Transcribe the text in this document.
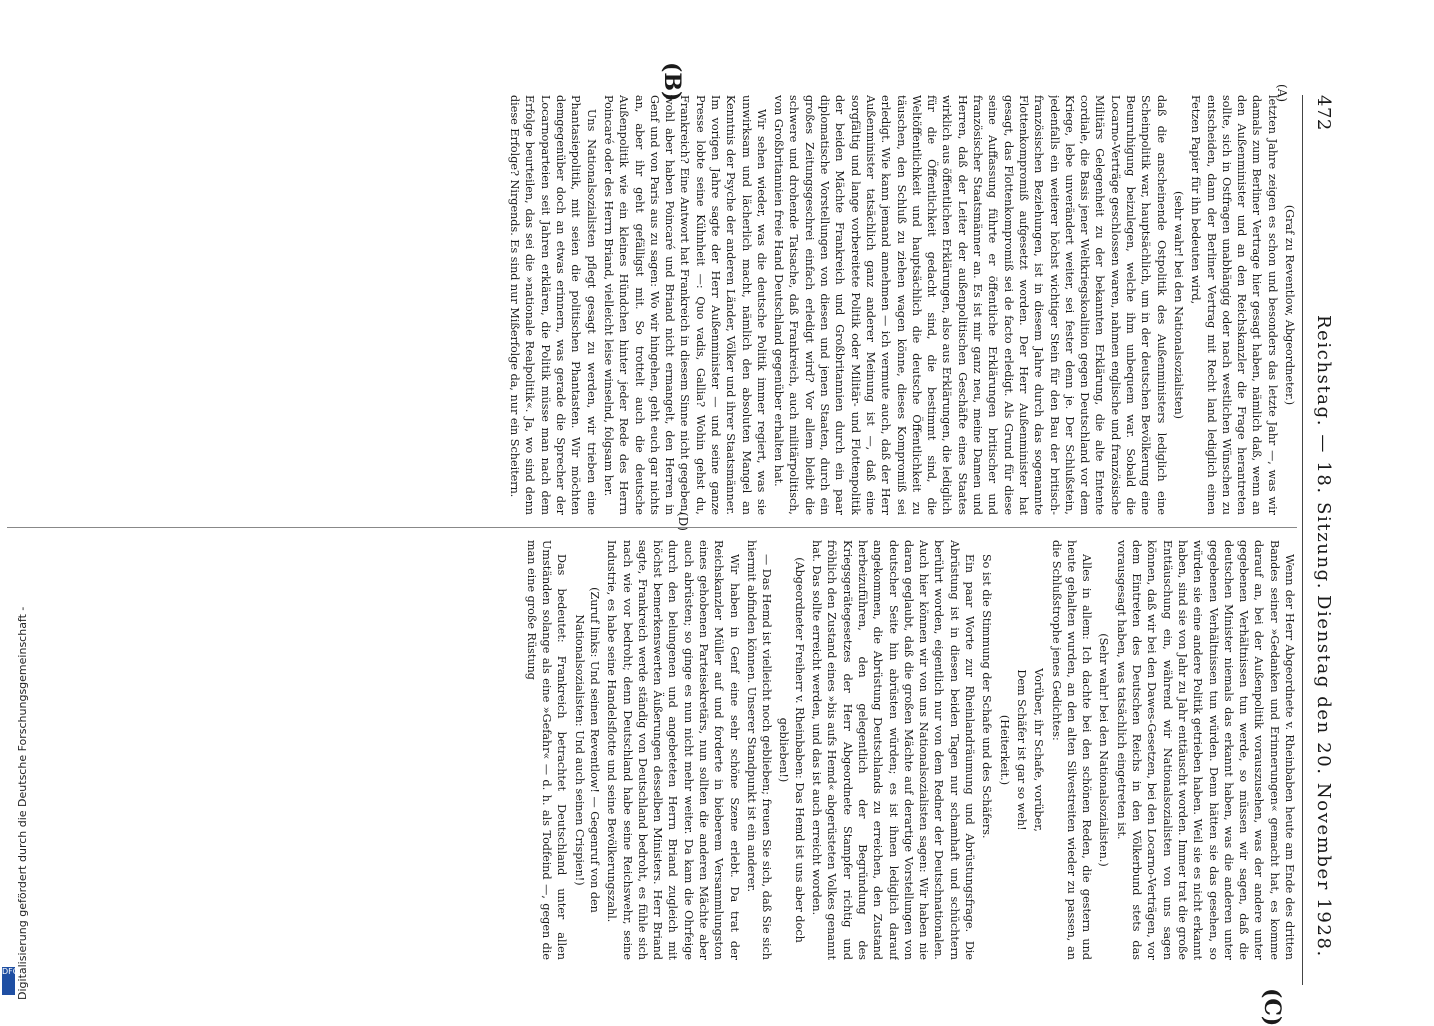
472
Reichstag. — 18. Sitzung.
Dienstag den 20. November 1928.
(A)
(B)
(C)
(D)

(Graf zu Reventlow, Abgeordneter.)

letzten Jahre zeigen es schon und besonders das letzte Jahr —, was wir damals zum Berliner Vertrage hier gesagt haben, nämlich daß, wenn an den Außenminister und an den Reichskanzler die Frage herantreten sollte, sich in Ostfragen unabhängig oder nach westlichen Wünschen zu entscheiden, dann der Berliner Vertrag mit Recht land lediglich einen Fetzen Papier für ihn bedeuten wird,

(sehr wahr! bei den Nationalsozialisten)

daß die anscheinende Ostpolitik des Außenministers lediglich eine Scheinpolitik war, hauptsächlich, um in der deutschen Bevölkerung eine Beunruhigung beizulegen, welche ihm unbequem war. Sobald die Locarno-Verträge geschlossen waren, nahmen englische und französische Militärs Gelegenheit zu der bekannten Erklärung, die alte Entente cordiale, die Basis jener Weltkriegskoalition gegen Deutschland vor dem Kriege, lebe unverändert weiter, sei fester denn je. Der Schlußstein, jedenfalls ein weiterer höchst wichtiger Stein für den Bau der britisch-französischen Beziehungen, ist in diesem Jahre durch das sogenannte Flottenkompromiß aufgesetzt worden. Der Herr Außenminister hat gesagt, das Flottenkompromiß sei de facto erledigt. Als Grund für diese seine Auffassung führte er öffentliche Erklärungen britischer und französischer Staatsmänner an. Es ist mir ganz neu, meine Damen und Herren, daß der Leiter der außenpolitischen Geschäfte eines Staates wirklich aus öffentlichen Erklärungen, also aus Erklärungen, die lediglich für die Öffentlichkeit gedacht sind, die bestimmt sind, die Weltöffentlichkeit und hauptsächlich die deutsche Öffentlichkeit zu täuschen, den Schluß zu ziehen wagen könne, dieses Kompromiß sei erledigt. Wie kann jemand annehmen — ich vermute auch, daß der Herr Außenminister tatsächlich ganz anderer Meinung ist —, daß eine sorgfältig und lange vorbereitete Politik oder Militär- und Flottenpolitik der beiden Mächte Frankreich und Großbritannien durch ein paar diplomatische Vorstellungen von diesen und jenen Staaten, durch ein großes Zeitungsgeschrei einfach erledigt wird? Vor allem bleibt die schwere und drohende Tatsache, daß Frankreich, auch militärpolitisch, von Großbritannien freie Hand Deutschland gegenüber erhalten hat.

Wir sehen wieder, was die deutsche Politik immer regiert, was sie unwirksam und lächerlich macht, nämlich den absoluten Mangel an Kenntnis der Psyche der anderen Länder, Völker und ihrer Staatsmänner. Im vorigen Jahre sagte der Herr Außenminister — und seine ganze Presse lobte seine Kühnheit —: Quo vadis, Gallia? Wohin gehst du, Frankreich? Eine Antwort hat Frankreich in diesem Sinne nicht gegeben, wohl aber haben Poincaré und Briand nicht ermangelt, den Herren in Genf und von Paris aus zu sagen: Wo wir hingehen, geht euch gar nichts an, aber ihr geht gefälligst mit. So trottelt auch die deutsche Außenpolitik wie ein kleines Hündchen hinter jeder Rede des Herrn Poincaré oder des Herrn Briand, vielleicht leise winselnd, folgsam her.

Uns Nationalsozialisten pflegt gesagt zu werden, wir trieben eine Phantasiepolitik, mit seien die politischen Phantasten. Wir möchten demgegenüber doch an etwas erinnern, was gerade die Sprecher der Locarnoparteien seit Jahren erklären, die Politik müsse man nach dem Erfolge beurteilen, das sei die »nationale Realpolitik«. Ja, wo sind denn diese Erfolge? Nirgends. Es sind nur Mißerfolge da, nur ein Scheitern.

Wenn der Herr Abgeordnete v. Rheinbaben heute am Ende des dritten Bandes seiner »Gedanken und Erinnerungen« gemacht hat, es komme darauf an, bei der Außenpolitik vorauszusehen, was der andere unter gegebenen Verhältnissen tun werde, so müssen wir sagen, daß die deutschen Minister niemals das erkannt haben, was die anderen unter gegebenen Verhältnissen tun würden. Denn hätten sie das gesehen, so würden sie eine andere Politik getrieben haben. Weil sie es nicht erkannt haben, sind sie von Jahr zu Jahr enttäuscht worden. Immer trat die große Enttäuschung ein, während wir Nationalsozialisten von uns sagen können, daß wir bei den Dawes-Gesetzen, bei den Locarno-Verträgen, vor dem Eintreten des Deutschen Reichs in den Völkerbund stets das vorausgesagt haben, was tatsächlich eingetreten ist.

(Sehr wahr! bei den Nationalsozialisten.)

Alles in allem: Ich dachte bei den schönen Reden, die gestern und heute gehalten wurden, an den alten Silvestreiten wieder zu passen, an die Schlußstrophe jenes Gedichtes:

Vorüber, ihr Schafe, vorüber,

Dem Schäfer ist gar so weh!

(Heiterkeit.)

So ist die Stimmung der Schafe und des Schäfers.

Ein paar Worte zur Rheinlandräumung und Abrüstungsfrage. Die Abrüstung ist in diesen beiden Tagen nur schamhaft und schüchtern berührt worden, eigentlich nur von dem Redner der Deutschnationalen. Auch hier können wir von uns Nationalsozialisten sagen: Wir haben nie daran geglaubt, daß die großen Mächte auf derartige Vorstellungen von deutscher Seite hin abrüsten würden; es ist ihnen lediglich darauf angekommen, die Abrüstung Deutschlands zu erreichen, den Zustand herbeizuführen, den gelegentlich der Begründung des Kriegsgerätegesetzes der Herr Abgeordnete Stampfer richtig und fröhlich den Zustand eines »bis aufs Hemd« abgerüsteten Volkes genannt hat. Das sollte erreicht werden, und das ist auch erreicht worden.

(Abgeordneter Freiherr v. Rheinbaben: Das Hemd ist uns aber doch geblieben!)

— Das Hemd ist vielleicht noch geblieben; freuen Sie sich, daß Sie sich hiermit abfinden können. Unserer Standpunkt ist ein anderer.

Wir haben in Genf eine sehr schöne Szene erlebt. Da trat der Reichskanzler Müller auf und forderte in bieberem Versammlungston eines gehobenen Parteisekretärs, nun sollten die anderen Mächte aber auch abrüsten; so ginge es nun nicht mehr weiter. Da kam die Ohrfeige durch den belungenen und angebeteten Herrn Briand zugleich mit höchst bemerkenswerten Äußerungen desselben Ministers. Herr Briand sagte, Frankreich werde ständig von Deutschland bedroht, es fühle sich nach wie vor bedroht; denn Deutschland habe seine Reichswehr, seine Industrie, es habe seine Handelsflotte und seine Bevölkerungszahl.

(Zuruf links: Und seinen Reventlow! — Gegenruf von den Nationalsozialisten: Und auch seinen Crispien!)

Das bedeutet: Frankreich betrachtet Deutschland unter allen Umständen solange als eine »Gefahr« — d. h. als Todfeind —, gegen die man eine große Rüstung

Digitalisierung gefördert durch die Deutsche Forschungsgemeinschaft -
DFG
